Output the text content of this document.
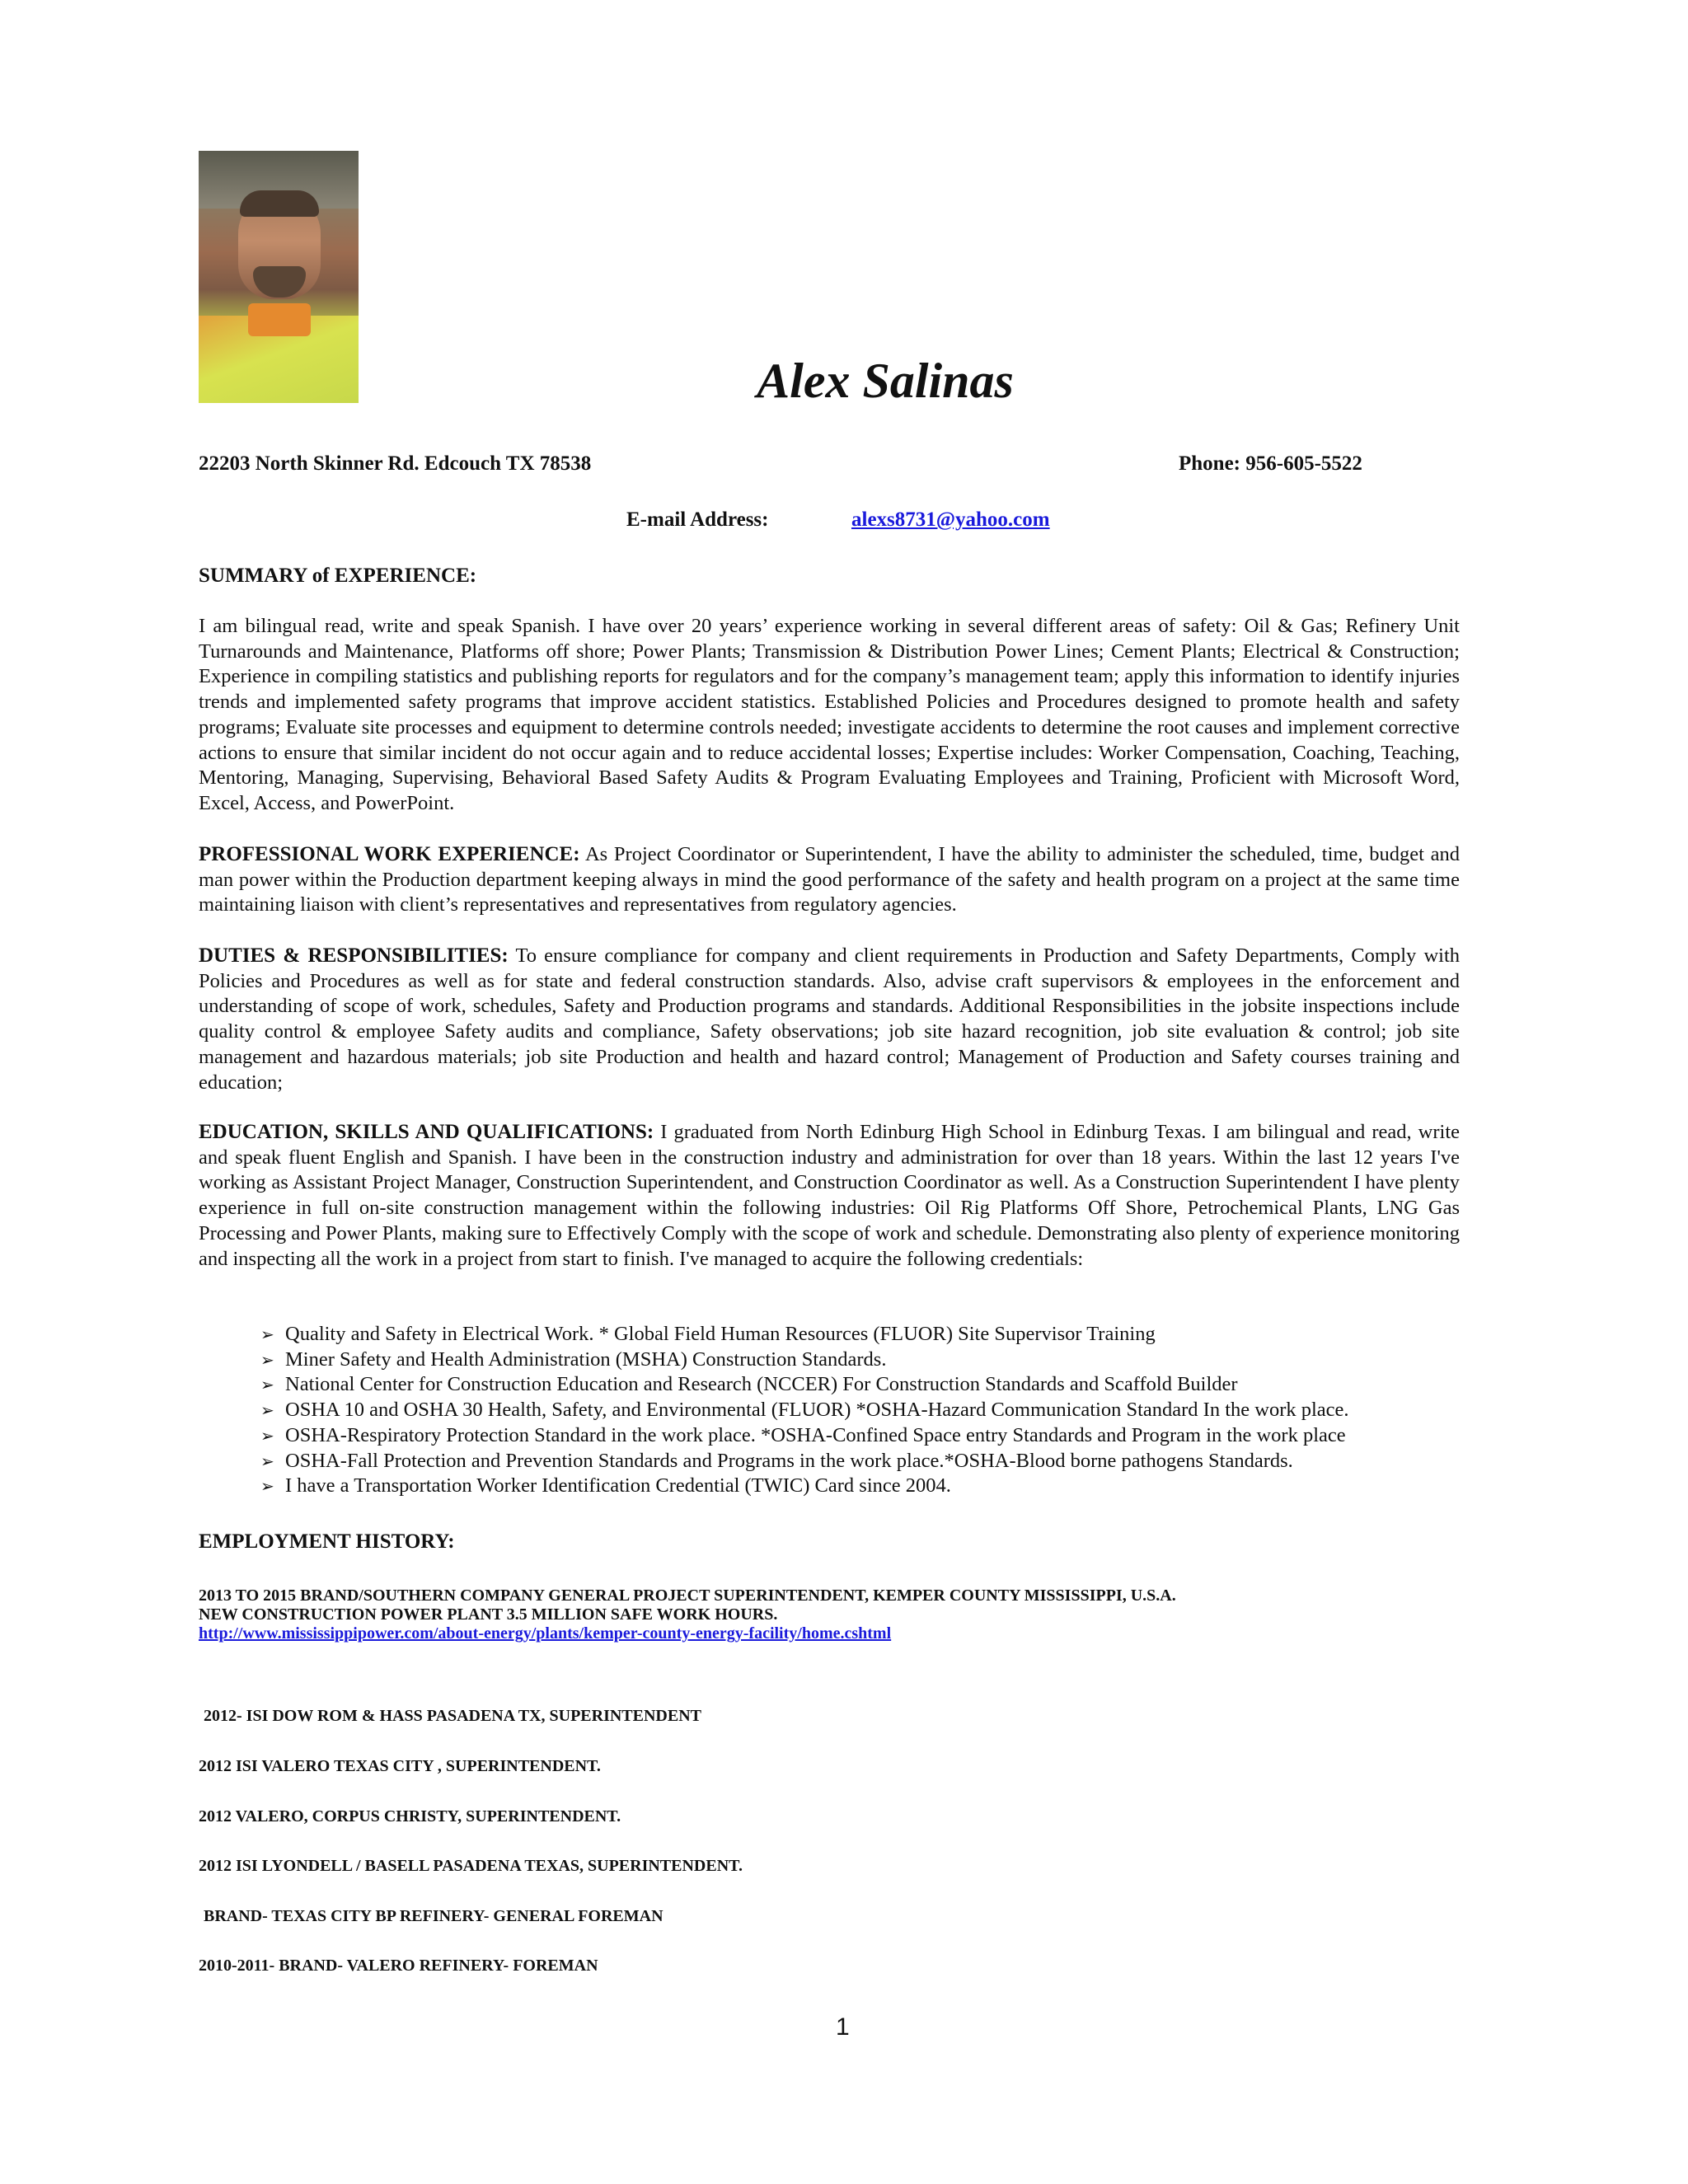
Alex Salinas
22203 North Skinner Rd. Edcouch TX 78538	Phone: 956-605-5522
E-mail Address:	alexs8731@yahoo.com
SUMMARY of EXPERIENCE:
I am bilingual read, write and speak Spanish. I have over 20 years’ experience working in several different areas of safety: Oil & Gas; Refinery Unit Turnarounds and Maintenance, Platforms off shore; Power Plants; Transmission & Distribution Power Lines; Cement Plants; Electrical & Construction; Experience in compiling statistics and publishing reports for regulators and for the company’s management team; apply this information to identify injuries trends and implemented safety programs that improve accident statistics. Established Policies and Procedures designed to promote health and safety programs; Evaluate site processes and equipment to determine controls needed; investigate accidents to determine the root causes and implement corrective actions to ensure that similar incident do not occur again and to reduce accidental losses; Expertise includes: Worker Compensation, Coaching, Teaching, Mentoring, Managing, Supervising, Behavioral Based Safety Audits & Program Evaluating Employees and Training, Proficient with Microsoft Word, Excel, Access, and PowerPoint.
PROFESSIONAL WORK EXPERIENCE: As Project Coordinator or Superintendent, I have the ability to administer the scheduled, time, budget and man power within the Production department keeping always in mind the good performance of the safety and health program on a project at the same time maintaining liaison with client’s representatives and representatives from regulatory agencies.
DUTIES & RESPONSIBILITIES: To ensure compliance for company and client requirements in Production and Safety Departments, Comply with Policies and Procedures as well as for state and federal construction standards. Also, advise craft supervisors & employees in the enforcement and understanding of scope of work, schedules, Safety and Production programs and standards. Additional Responsibilities in the jobsite inspections include quality control & employee Safety audits and compliance, Safety observations; job site hazard recognition, job site evaluation & control; job site management and hazardous materials; job site Production and health and hazard control; Management of Production and Safety courses training and education;
EDUCATION, SKILLS AND QUALIFICATIONS: I graduated from North Edinburg High School in Edinburg Texas. I am bilingual and read, write and speak fluent English and Spanish. I have been in the construction industry and administration for over than 18 years. Within the last 12 years I've working as Assistant Project Manager, Construction Superintendent, and Construction Coordinator as well. As a Construction Superintendent I have plenty experience in full on-site construction management within the following industries: Oil Rig Platforms Off Shore, Petrochemical Plants, LNG Gas Processing and Power Plants, making sure to Effectively Comply with the scope of work and schedule. Demonstrating also plenty of experience monitoring and inspecting all the work in a project from start to finish. I've managed to acquire the following credentials:
➢ Quality and Safety in Electrical Work. * Global Field Human Resources (FLUOR) Site Supervisor Training
➢ Miner Safety and Health Administration (MSHA) Construction Standards.
➢ National Center for Construction Education and Research (NCCER) For Construction Standards and Scaffold Builder
➢ OSHA 10 and OSHA 30 Health, Safety, and Environmental (FLUOR) *OSHA-Hazard Communication Standard In the work place.
➢ OSHA-Respiratory Protection Standard in the work place. *OSHA-Confined Space entry Standards and Program in the work place
➢ OSHA-Fall Protection and Prevention Standards and Programs in the work place.*OSHA-Blood borne pathogens Standards.
➢ I have a Transportation Worker Identification Credential (TWIC) Card since 2004.
EMPLOYMENT HISTORY:
2013 TO 2015 BRAND/SOUTHERN COMPANY GENERAL PROJECT SUPERINTENDENT, KEMPER COUNTY MISSISSIPPI, U.S.A.
NEW CONSTRUCTION POWER PLANT 3.5 MILLION SAFE WORK HOURS.
http://www.mississippipower.com/about-energy/plants/kemper-county-energy-facility/home.cshtml
2012- ISI DOW ROM & HASS PASADENA TX, SUPERINTENDENT
2012 ISI VALERO TEXAS CITY , SUPERINTENDENT.
2012 VALERO, CORPUS CHRISTY, SUPERINTENDENT.
2012 ISI LYONDELL / BASELL PASADENA TEXAS, SUPERINTENDENT.
BRAND- TEXAS CITY BP REFINERY- GENERAL FOREMAN
2010-2011- BRAND- VALERO REFINERY- FOREMAN
1
